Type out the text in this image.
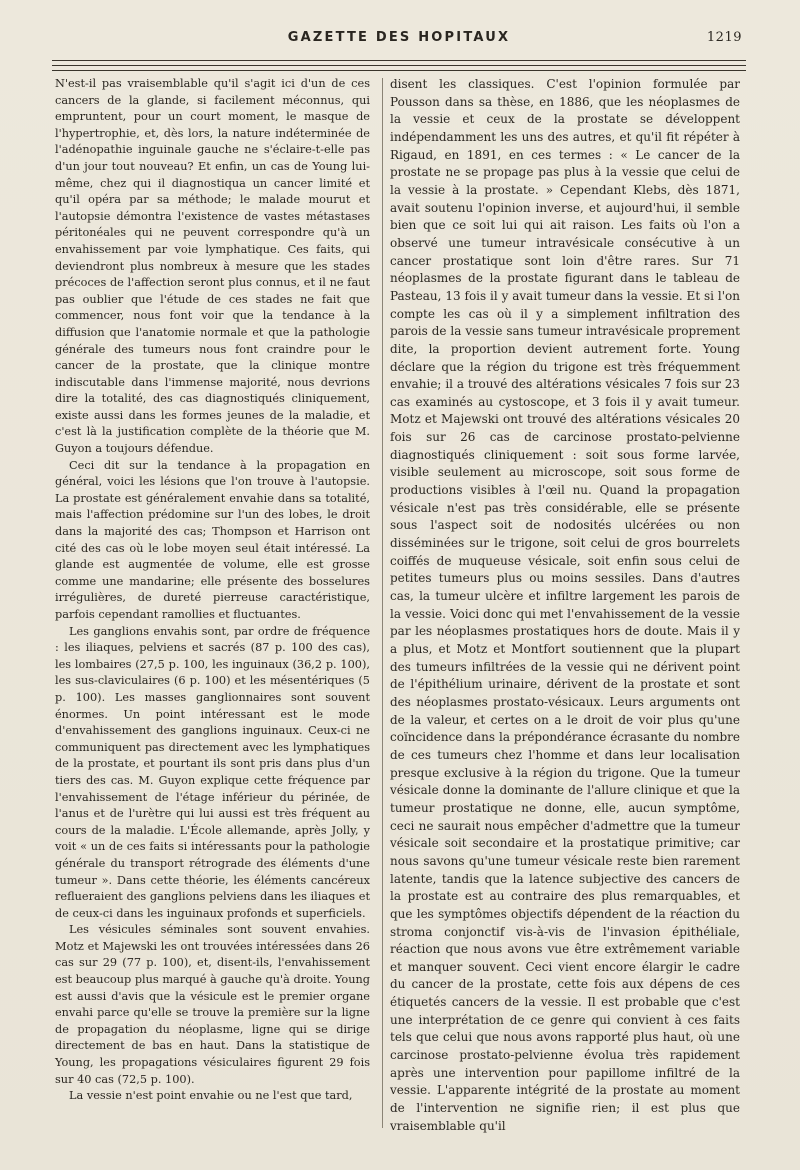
GAZETTE DES HOPITAUX	1219

N'est-il pas vraisemblable qu'il s'agit ici d'un de ces cancers de la glande, si facilement méconnus, qui empruntent, pour un court moment, le masque de l'hypertrophie, et, dès lors, la nature indéterminée de l'adénopathie inguinale gauche ne s'éclaire-t-elle pas d'un jour tout nouveau? Et enfin, un cas de Young lui-même, chez qui il diagnostiqua un cancer limité et qu'il opéra par sa méthode; le malade mourut et l'autopsie démontra l'existence de vastes métastases péritonéales qui ne peuvent correspondre qu'à un envahissement par voie lymphatique. Ces faits, qui deviendront plus nombreux à mesure que les stades précoces de l'affection seront plus connus, et il ne faut pas oublier que l'étude de ces stades ne fait que commencer, nous font voir que la tendance à la diffusion que l'anatomie normale et que la pathologie générale des tumeurs nous font craindre pour le cancer de la prostate, que la clinique montre indiscutable dans l'immense majorité, nous devrions dire la totalité, des cas diagnostiqués cliniquement, existe aussi dans les formes jeunes de la maladie, et c'est là la justification complète de la théorie que M. Guyon a toujours défendue.

Ceci dit sur la tendance à la propagation en général, voici les lésions que l'on trouve à l'autopsie. La prostate est généralement envahie dans sa totalité, mais l'affection prédomine sur l'un des lobes, le droit dans la majorité des cas; Thompson et Harrison ont cité des cas où le lobe moyen seul était intéressé. La glande est augmentée de volume, elle est grosse comme une mandarine; elle présente des bosselures irrégulières, de dureté pierreuse caractéristique, parfois cependant ramollies et fluctuantes.

Les ganglions envahis sont, par ordre de fréquence : les iliaques, pelviens et sacrés (87 p. 100 des cas), les lombaires (27,5 p. 100, les inguinaux (36,2 p. 100), les sus-claviculaires (6 p. 100) et les mésentériques (5 p. 100). Les masses ganglionnaires sont souvent énormes. Un point intéressant est le mode d'envahissement des ganglions inguinaux. Ceux-ci ne communiquent pas directement avec les lymphatiques de la prostate, et pourtant ils sont pris dans plus d'un tiers des cas. M. Guyon explique cette fréquence par l'envahissement de l'étage inférieur du périnée, de l'anus et de l'urètre qui lui aussi est très fréquent au cours de la maladie. L'École allemande, après Jolly, y voit « un de ces faits si intéressants pour la pathologie générale du transport rétrograde des éléments d'une tumeur ». Dans cette théorie, les éléments cancéreux reflueraient des ganglions pelviens dans les iliaques et de ceux-ci dans les inguinaux profonds et superficiels.

Les vésicules séminales sont souvent envahies. Motz et Majewski les ont trouvées intéressées dans 26 cas sur 29 (77 p. 100), et, disent-ils, l'envahissement est beaucoup plus marqué à gauche qu'à droite. Young est aussi d'avis que la vésicule est le premier organe envahi parce qu'elle se trouve la première sur la ligne de propagation du néoplasme, ligne qui se dirige directement de bas en haut. Dans la statistique de Young, les propagations vésiculaires figurent 29 fois sur 40 cas (72,5 p. 100).

La vessie n'est point envahie ou ne l'est que tard,

disent les classiques. C'est l'opinion formulée par Pousson dans sa thèse, en 1886, que les néoplasmes de la vessie et ceux de la prostate se développent indépendamment les uns des autres, et qu'il fit répéter à Rigaud, en 1891, en ces termes : « Le cancer de la prostate ne se propage pas plus à la vessie que celui de la vessie à la prostate. » Cependant Klebs, dès 1871, avait soutenu l'opinion inverse, et aujourd'hui, il semble bien que ce soit lui qui ait raison. Les faits où l'on a observé une tumeur intravésicale consécutive à un cancer prostatique sont loin d'être rares. Sur 71 néoplasmes de la prostate figurant dans le tableau de Pasteau, 13 fois il y avait tumeur dans la vessie. Et si l'on compte les cas où il y a simplement infiltration des parois de la vessie sans tumeur intravésicale proprement dite, la proportion devient autrement forte. Young déclare que la région du trigone est très fréquemment envahie; il a trouvé des altérations vésicales 7 fois sur 23 cas examinés au cystoscope, et 3 fois il y avait tumeur. Motz et Majewski ont trouvé des altérations vésicales 20 fois sur 26 cas de carcinose prostato-pelvienne diagnostiqués cliniquement : soit sous forme larvée, visible seulement au microscope, soit sous forme de productions visibles à l'œil nu. Quand la propagation vésicale n'est pas très considérable, elle se présente sous l'aspect soit de nodosités ulcérées ou non disséminées sur le trigone, soit celui de gros bourrelets coiffés de muqueuse vésicale, soit enfin sous celui de petites tumeurs plus ou moins sessiles. Dans d'autres cas, la tumeur ulcère et infiltre largement les parois de la vessie. Voici donc qui met l'envahissement de la vessie par les néoplasmes prostatiques hors de doute. Mais il y a plus, et Motz et Montfort soutiennent que la plupart des tumeurs infiltrées de la vessie qui ne dérivent point de l'épithélium urinaire, dérivent de la prostate et sont des néoplasmes prostato-vésicaux. Leurs arguments ont de la valeur, et certes on a le droit de voir plus qu'une coïncidence dans la prépondérance écrasante du nombre de ces tumeurs chez l'homme et dans leur localisation presque exclusive à la région du trigone. Que la tumeur vésicale donne la dominante de l'allure clinique et que la tumeur prostatique ne donne, elle, aucun symptôme, ceci ne saurait nous empêcher d'admettre que la tumeur vésicale soit secondaire et la prostatique primitive; car nous savons qu'une tumeur vésicale reste bien rarement latente, tandis que la latence subjective des cancers de la prostate est au contraire des plus remarquables, et que les symptômes objectifs dépendent de la réaction du stroma conjonctif vis-à-vis de l'invasion épithéliale, réaction que nous avons vue être extrêmement variable et manquer souvent. Ceci vient encore élargir le cadre du cancer de la prostate, cette fois aux dépens de ces étiquetés cancers de la vessie. Il est probable que c'est une interprétation de ce genre qui convient à ces faits tels que celui que nous avons rapporté plus haut, où une carcinose prostato-pelvienne évolua très rapidement après une intervention pour papillome infiltré de la vessie. L'apparente intégrité de la prostate au moment de l'intervention ne signifie rien; il est plus que vraisemblable qu'il
